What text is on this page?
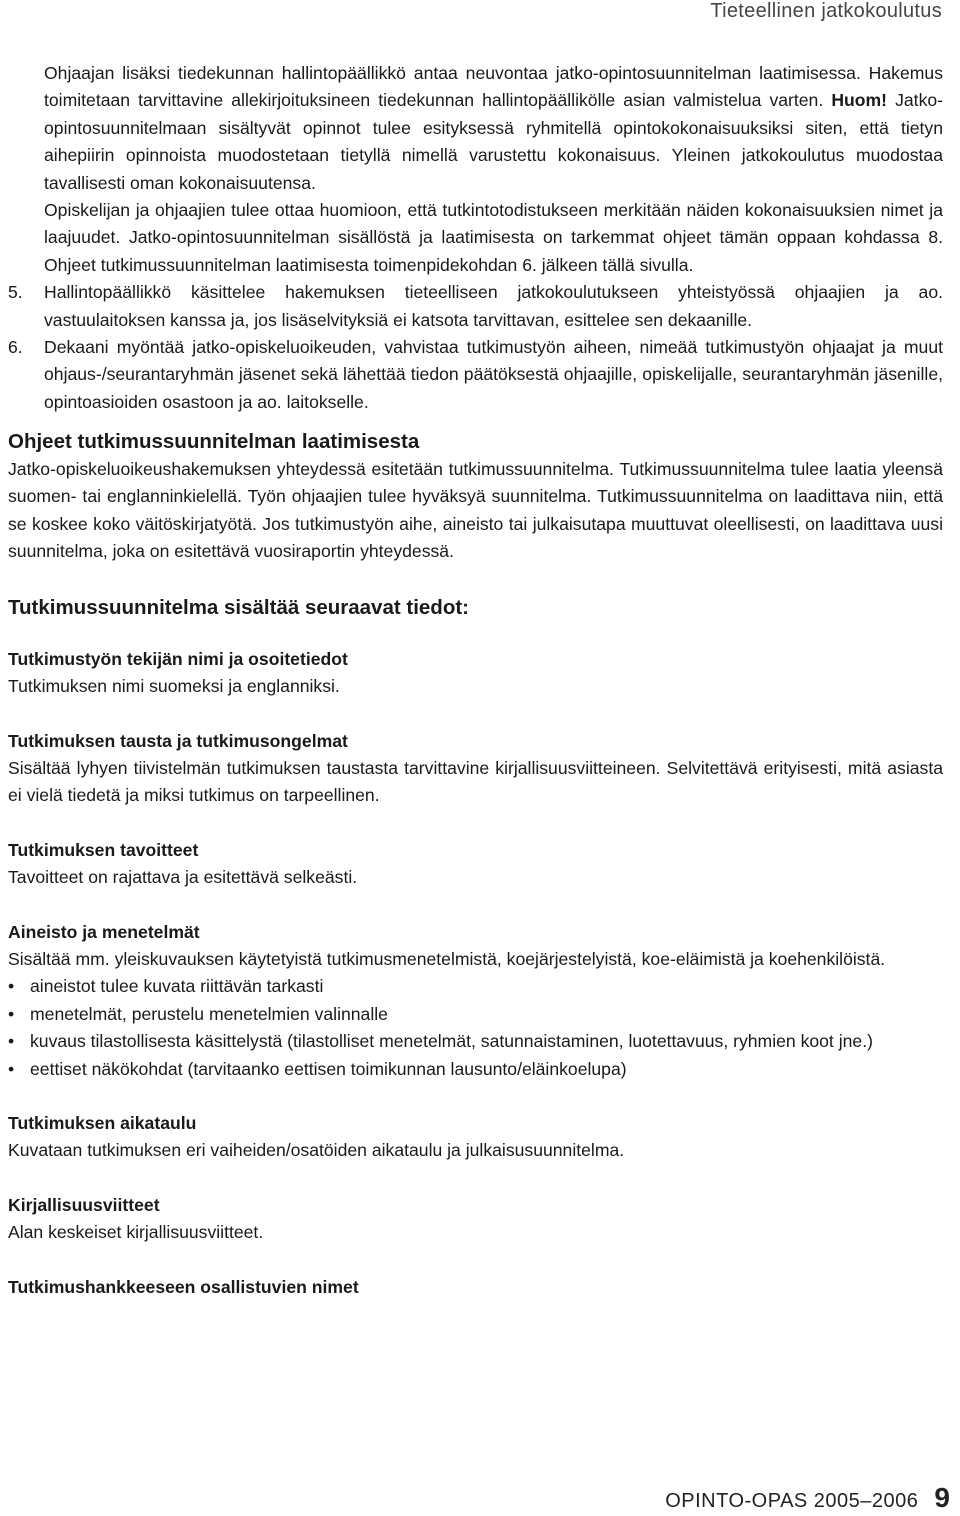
Tieteellinen jatkokoulutus

Ohjaajan lisäksi tiedekunnan hallintopäällikkö antaa neuvontaa jatko-opintosuunnitelman laatimisessa. Hakemus toimitetaan tarvittavine allekirjoituksineen tiedekunnan hallintopäällikölle asian valmistelua varten. Huom! Jatko-opintosuunnitelmaan sisältyvät opinnot tulee esityksessä ryhmitellä opintokokonaisuuksiksi siten, että tietyn aihepiirin opinnoista muodostetaan tietyllä nimellä varustettu kokonaisuus. Yleinen jatkokoulutus muodostaa tavallisesti oman kokonaisuutensa.

Opiskelijan ja ohjaajien tulee ottaa huomioon, että tutkintotodistukseen merkitään näiden kokonaisuuksien nimet ja laajuudet. Jatko-opintosuunnitelman sisällöstä ja laatimisesta on tarkemmat ohjeet tämän oppaan kohdassa 8. Ohjeet tutkimussuunnitelman laatimisesta toimenpidekohdan 6. jälkeen tällä sivulla.

5.	Hallintopäällikkö käsittelee hakemuksen tieteelliseen jatkokoulutukseen yhteistyössä ohjaajien ja ao. vastuulaitoksen kanssa ja, jos lisäselvityksiä ei katsota tarvittavan, esittelee sen dekaanille.
6.	Dekaani myöntää jatko-opiskeluoikeuden, vahvistaa tutkimustyön aiheen, nimeää tutkimustyön ohjaajat ja muut ohjaus-/seurantaryhmän jäsenet sekä lähettää tiedon päätöksestä ohjaajille, opiskelijalle, seurantaryhmän jäsenille, opintoasioiden osastoon ja ao. laitokselle.
Ohjeet tutkimussuunnitelman laatimisesta

Jatko-opiskeluoikeushakemuksen yhteydessä esitetään tutkimussuunnitelma. Tutkimussuunnitelma tulee laatia yleensä suomen- tai englanninkielellä. Työn ohjaajien tulee hyväksyä suunnitelma. Tutkimussuunnitelma on laadittava niin, että se koskee koko väitöskirjatyötä. Jos tutkimustyön aihe, aineisto tai julkaisutapa muuttuvat oleellisesti, on laadittava uusi suunnitelma, joka on esitettävä vuosiraportin yhteydessä.

Tutkimussuunnitelma sisältää seuraavat tiedot:
Tutkimustyön tekijän nimi ja osoitetiedot

Tutkimuksen nimi suomeksi ja englanniksi.

Tutkimuksen tausta ja tutkimusongelmat

Sisältää lyhyen tiivistelmän tutkimuksen taustasta tarvittavine kirjallisuusviitteineen. Selvitettävä erityisesti, mitä asiasta ei vielä tiedetä ja miksi tutkimus on tarpeellinen.

Tutkimuksen tavoitteet

Tavoitteet on rajattava ja esitettävä selkeästi.

Aineisto ja menetelmät

Sisältää mm. yleiskuvauksen käytetyistä tutkimusmenetelmistä, koejärjestelyistä, koe-eläimistä ja koehenkilöistä.

• aineistot tulee kuvata riittävän tarkasti
• menetelmät, perustelu menetelmien valinnalle
• kuvaus tilastollisesta käsittelystä (tilastolliset menetelmät, satunnaistaminen, luotettavuus, ryhmien koot jne.)
• eettiset näkökohdat (tarvitaanko eettisen toimikunnan lausunto/eläinkoelupa)
Tutkimuksen aikataulu

Kuvataan tutkimuksen eri vaiheiden/osatöiden aikataulu ja julkaisusuunnitelma.

Kirjallisuusviitteet

Alan keskeiset kirjallisuusviitteet.

Tutkimushankkeeseen osallistuvien nimet
OPINTO-OPAS 2005–2006 9
